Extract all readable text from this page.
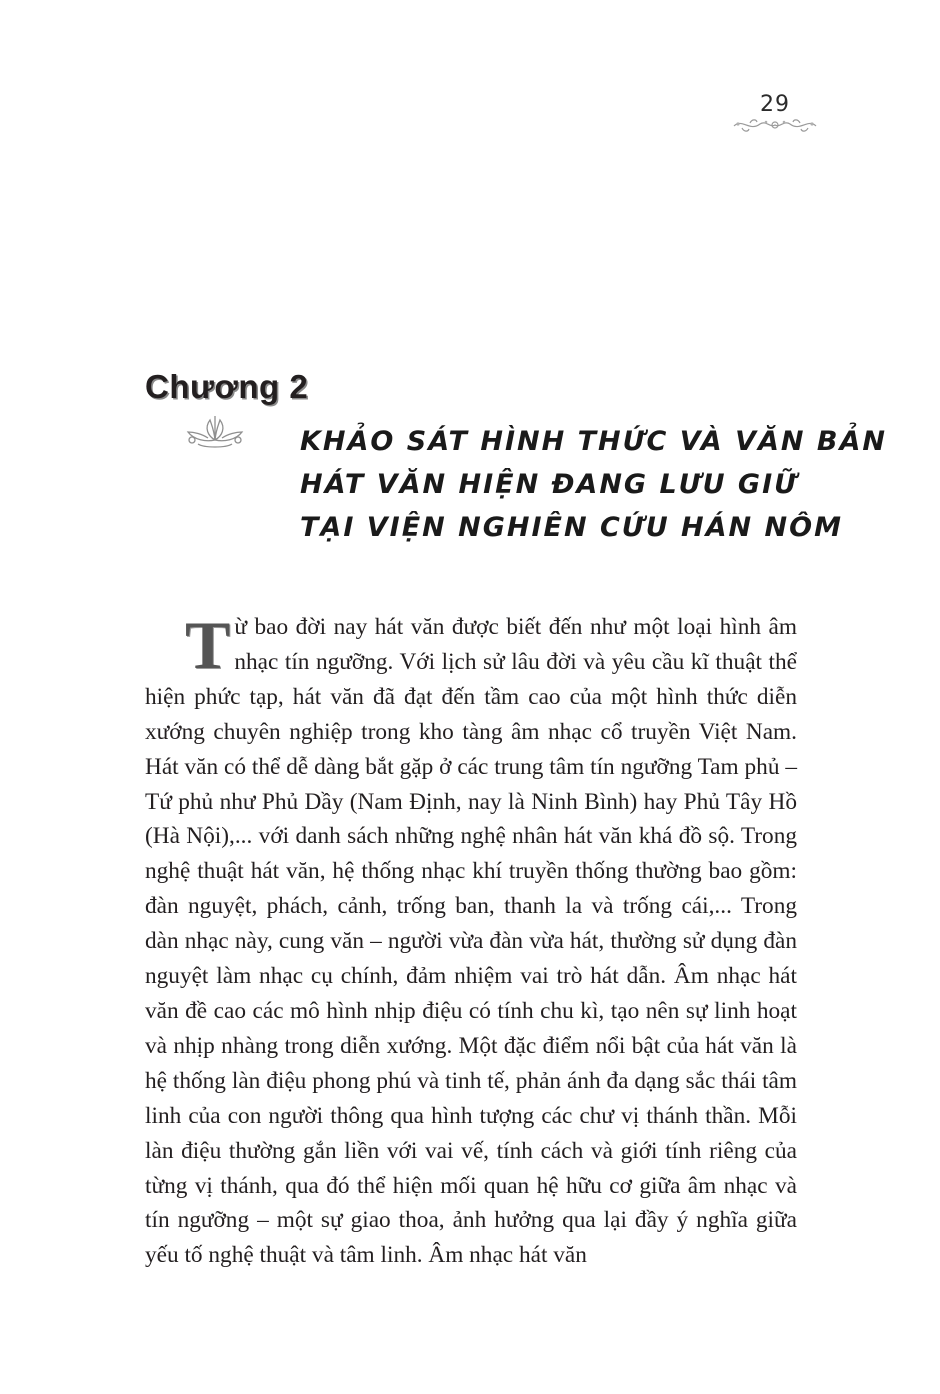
29
Chương 2
KHẢO SÁT HÌNH THỨC VÀ VĂN BẢN
HÁT VĂN HIỆN ĐANG LƯU GIỮ
TẠI VIỆN NGHIÊN CỨU HÁN NÔM

Từ bao đời nay hát văn được biết đến như một loại hình âm nhạc tín ngưỡng. Với lịch sử lâu đời và yêu cầu kĩ thuật thể hiện phức tạp, hát văn đã đạt đến tầm cao của một hình thức diễn xướng chuyên nghiệp trong kho tàng âm nhạc cổ truyền Việt Nam. Hát văn có thể dễ dàng bắt gặp ở các trung tâm tín ngưỡng Tam phủ – Tứ phủ như Phủ Dầy (Nam Định, nay là Ninh Bình) hay Phủ Tây Hồ (Hà Nội),... với danh sách những nghệ nhân hát văn khá đồ sộ. Trong nghệ thuật hát văn, hệ thống nhạc khí truyền thống thường bao gồm: đàn nguyệt, phách, cảnh, trống ban, thanh la và trống cái,... Trong dàn nhạc này, cung văn – người vừa đàn vừa hát, thường sử dụng đàn nguyệt làm nhạc cụ chính, đảm nhiệm vai trò hát dẫn. Âm nhạc hát văn đề cao các mô hình nhịp điệu có tính chu kì, tạo nên sự linh hoạt và nhịp nhàng trong diễn xướng. Một đặc điểm nổi bật của hát văn là hệ thống làn điệu phong phú và tinh tế, phản ánh đa dạng sắc thái tâm linh của con người thông qua hình tượng các chư vị thánh thần. Mỗi làn điệu thường gắn liền với vai vế, tính cách và giới tính riêng của từng vị thánh, qua đó thể hiện mối quan hệ hữu cơ giữa âm nhạc và tín ngưỡng – một sự giao thoa, ảnh hưởng qua lại đầy ý nghĩa giữa yếu tố nghệ thuật và tâm linh. Âm nhạc hát văn
